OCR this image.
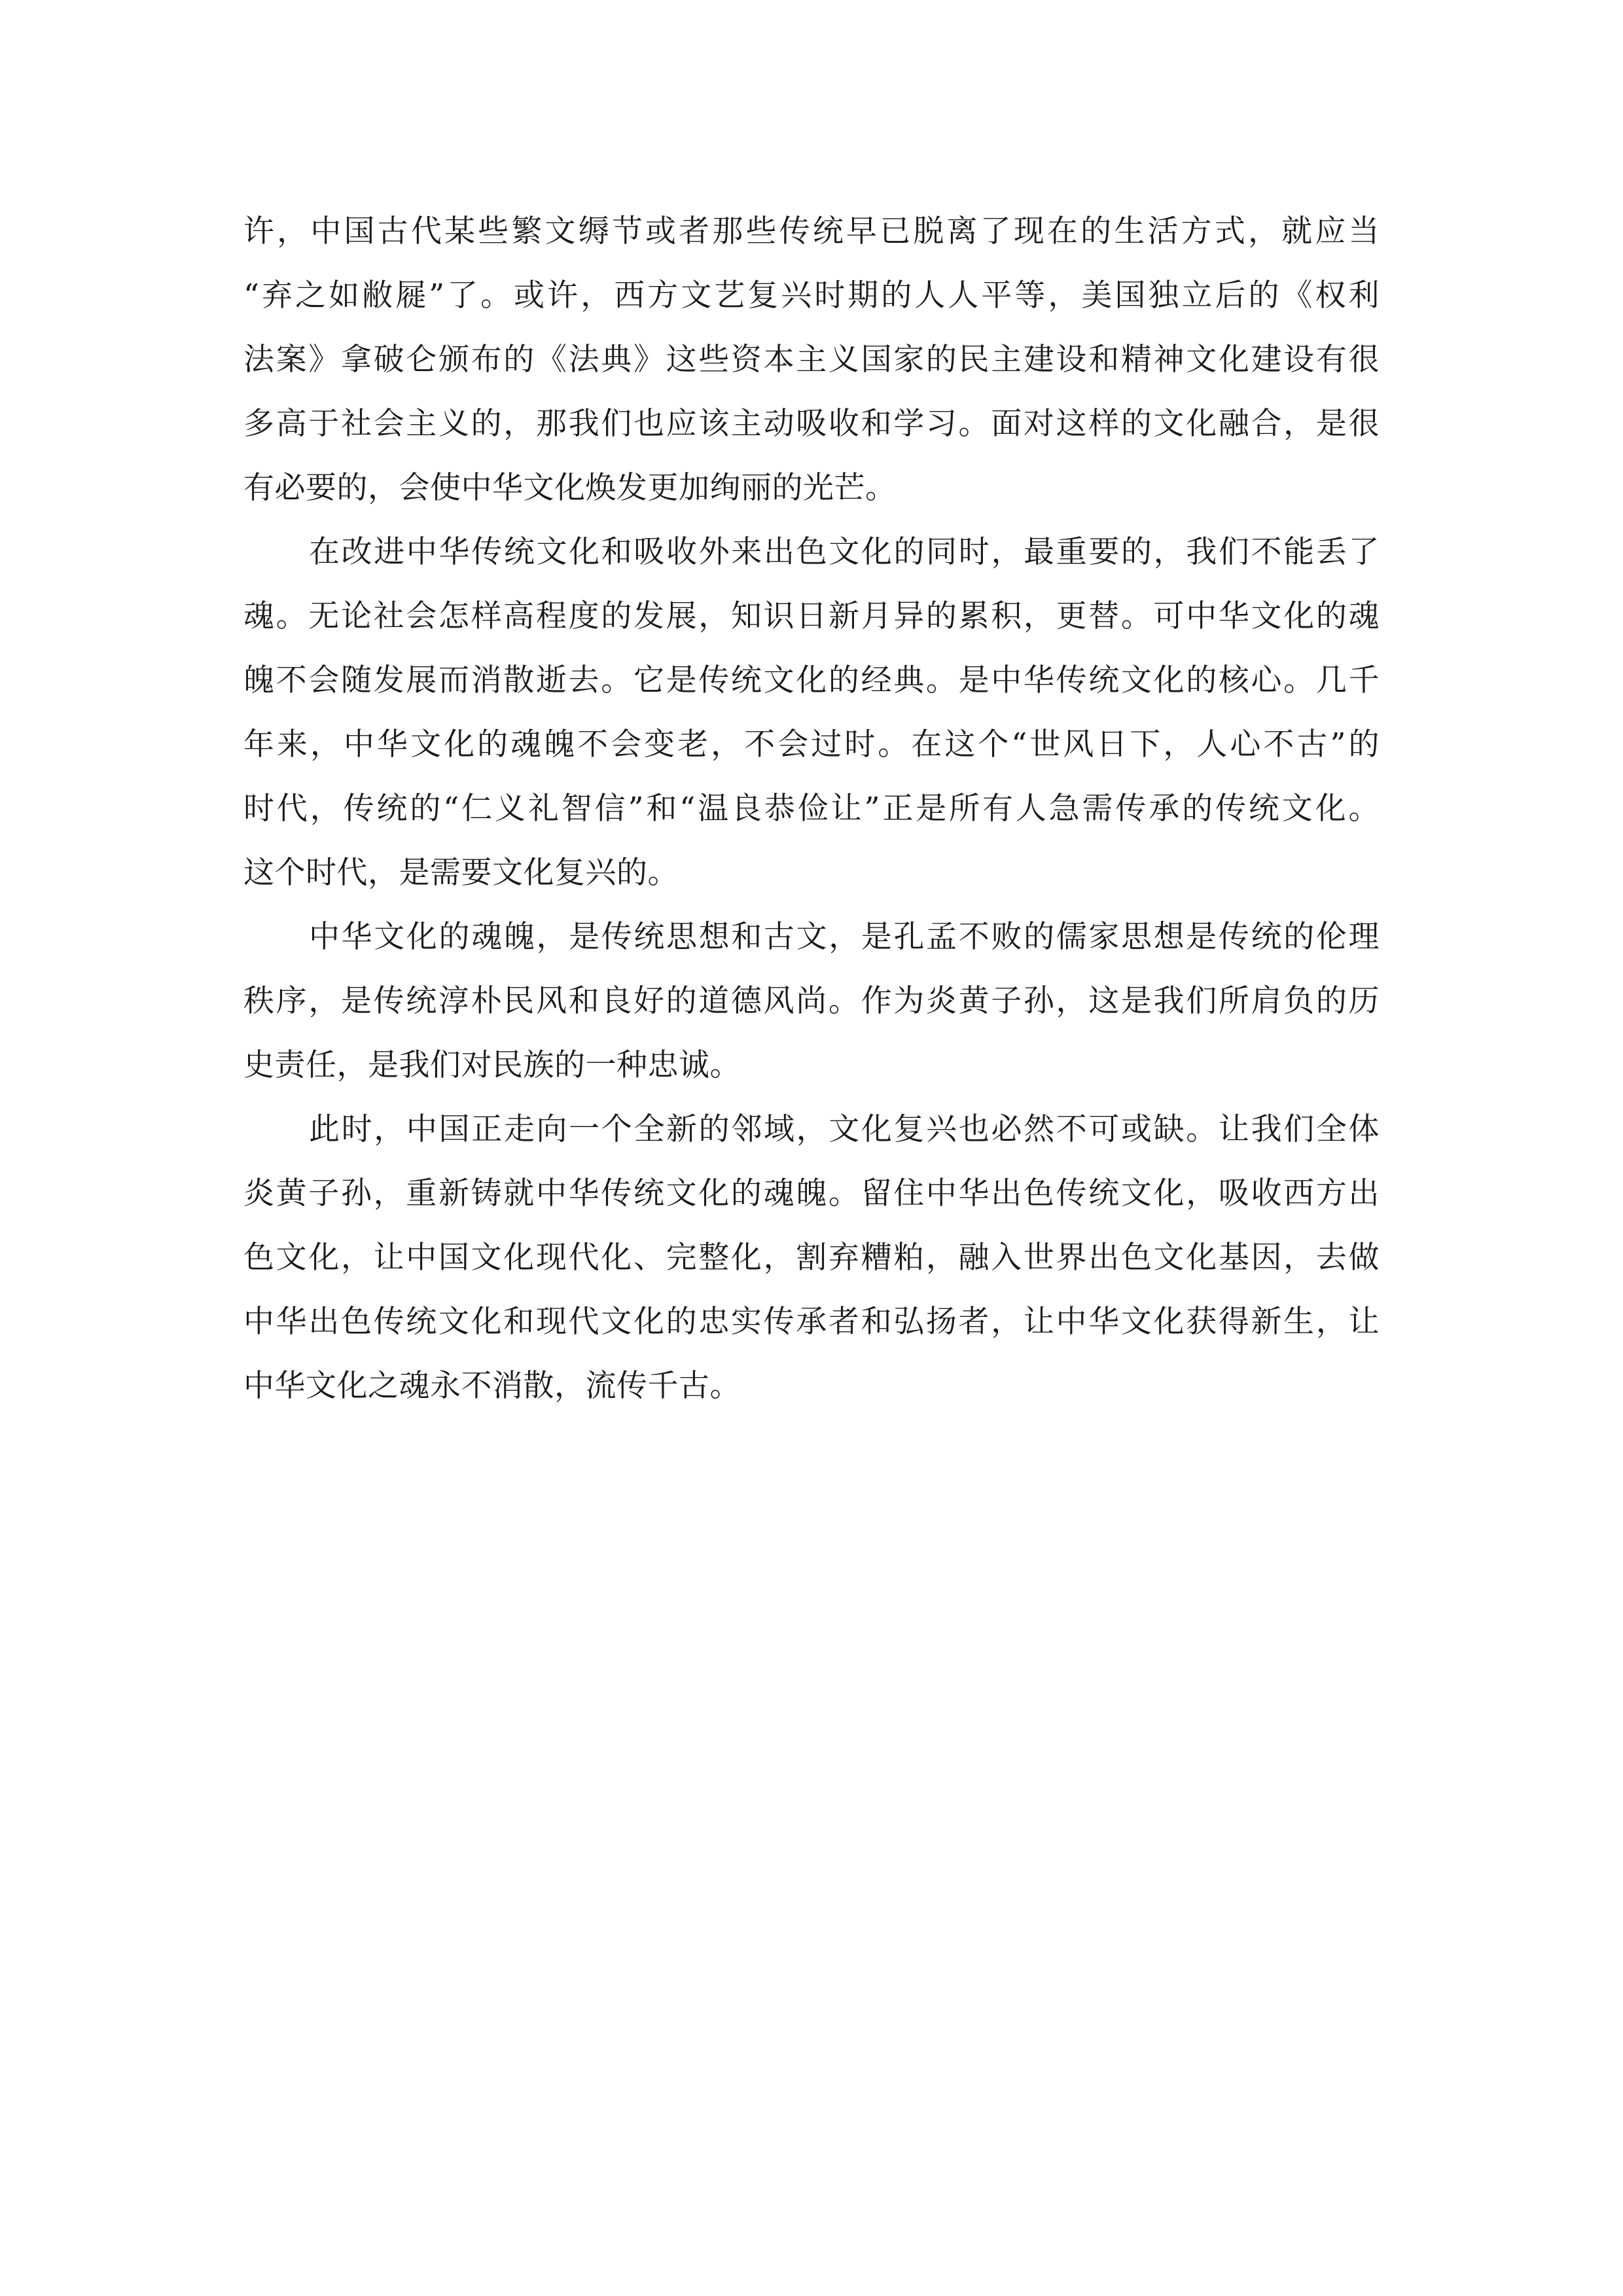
许，中国古代某些繁文缛节或者那些传统早已脱离了现在的生活方式，就应当
“弃之如敝屣”了。或许，西方文艺复兴时期的人人平等，美国独立后的《权利
法案》拿破仑颁布的《法典》这些资本主义国家的民主建设和精神文化建设有很
多高于社会主义的，那我们也应该主动吸收和学习。面对这样的文化融合，是很
有必要的，会使中华文化焕发更加绚丽的光芒。
在改进中华传统文化和吸收外来出色文化的同时，最重要的，我们不能丢了
魂。无论社会怎样高程度的发展，知识日新月异的累积，更替。可中华文化的魂
魄不会随发展而消散逝去。它是传统文化的经典。是中华传统文化的核心。几千
年来，中华文化的魂魄不会变老，不会过时。在这个“世风日下，人心不古”的
时代，传统的“仁义礼智信”和“温良恭俭让”正是所有人急需传承的传统文化。
这个时代，是需要文化复兴的。
中华文化的魂魄，是传统思想和古文，是孔孟不败的儒家思想是传统的伦理
秩序，是传统淳朴民风和良好的道德风尚。作为炎黄子孙，这是我们所肩负的历
史责任，是我们对民族的一种忠诚。
此时，中国正走向一个全新的邻域，文化复兴也必然不可或缺。让我们全体
炎黄子孙，重新铸就中华传统文化的魂魄。留住中华出色传统文化，吸收西方出
色文化，让中国文化现代化、完整化，割弃糟粕，融入世界出色文化基因，去做
中华出色传统文化和现代文化的忠实传承者和弘扬者，让中华文化获得新生，让
中华文化之魂永不消散，流传千古。
